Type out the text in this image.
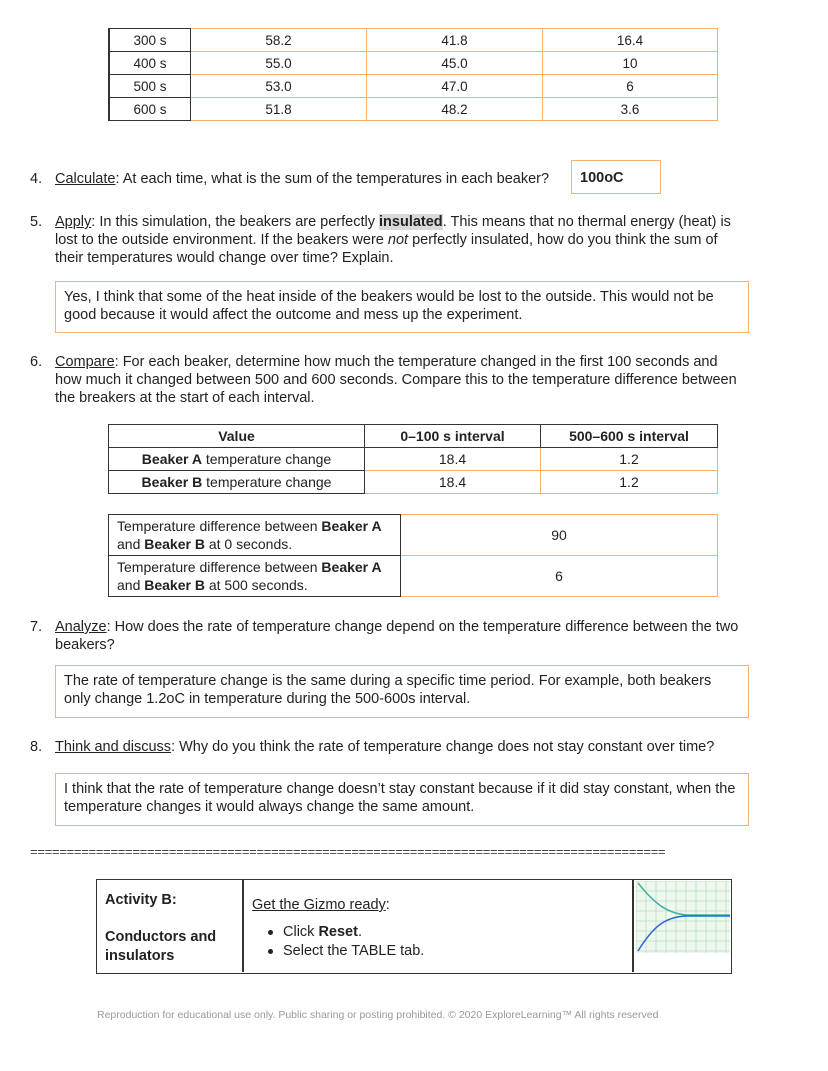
300 s	58.2	41.8	16.4
400 s	55.0	45.0	10
500 s	53.0	47.0	6
600 s	51.8	48.2	3.6
4. Calculate: At each time, what is the sum of the temperatures in each beaker?	100oC
5. Apply: In this simulation, the beakers are perfectly insulated. This means that no thermal energy (heat) is
lost to the outside environment. If the beakers were not perfectly insulated, how do you think the sum of
their temperatures would change over time? Explain.
Yes, I think that some of the heat inside of the beakers would be lost to the outside. This would not be good because it would affect the outcome and mess up the experiment.
6. Compare: For each beaker, determine how much the temperature changed in the first 100 seconds and
how much it changed between 500 and 600 seconds. Compare this to the temperature difference between
the breakers at the start of each interval.
Value	0–100 s interval	500–600 s interval
Beaker A temperature change	18.4	1.2
Beaker B temperature change	18.4	1.2
Temperature difference between Beaker A
and Beaker B at 0 seconds.	90
Temperature difference between Beaker A
and Beaker B at 500 seconds.	6
7. Analyze: How does the rate of temperature change depend on the temperature difference between the two
beakers?
The rate of temperature change is the same during a specific time period. For example, both beakers only change 1.2oC in temperature during the 500-600s interval.
8. Think and discuss: Why do you think the rate of temperature change does not stay constant over time?
I think that the rate of temperature change doesn’t stay constant because if it did stay constant, when the temperature changes it would always change the same amount.
=======================================================================================
Activity B:
Conductors and insulators
Get the Gizmo ready:
Click Reset.
Select the TABLE tab.
Reproduction for educational use only. Public sharing or posting prohibited. © 2020 ExploreLearning™ All rights reserved
